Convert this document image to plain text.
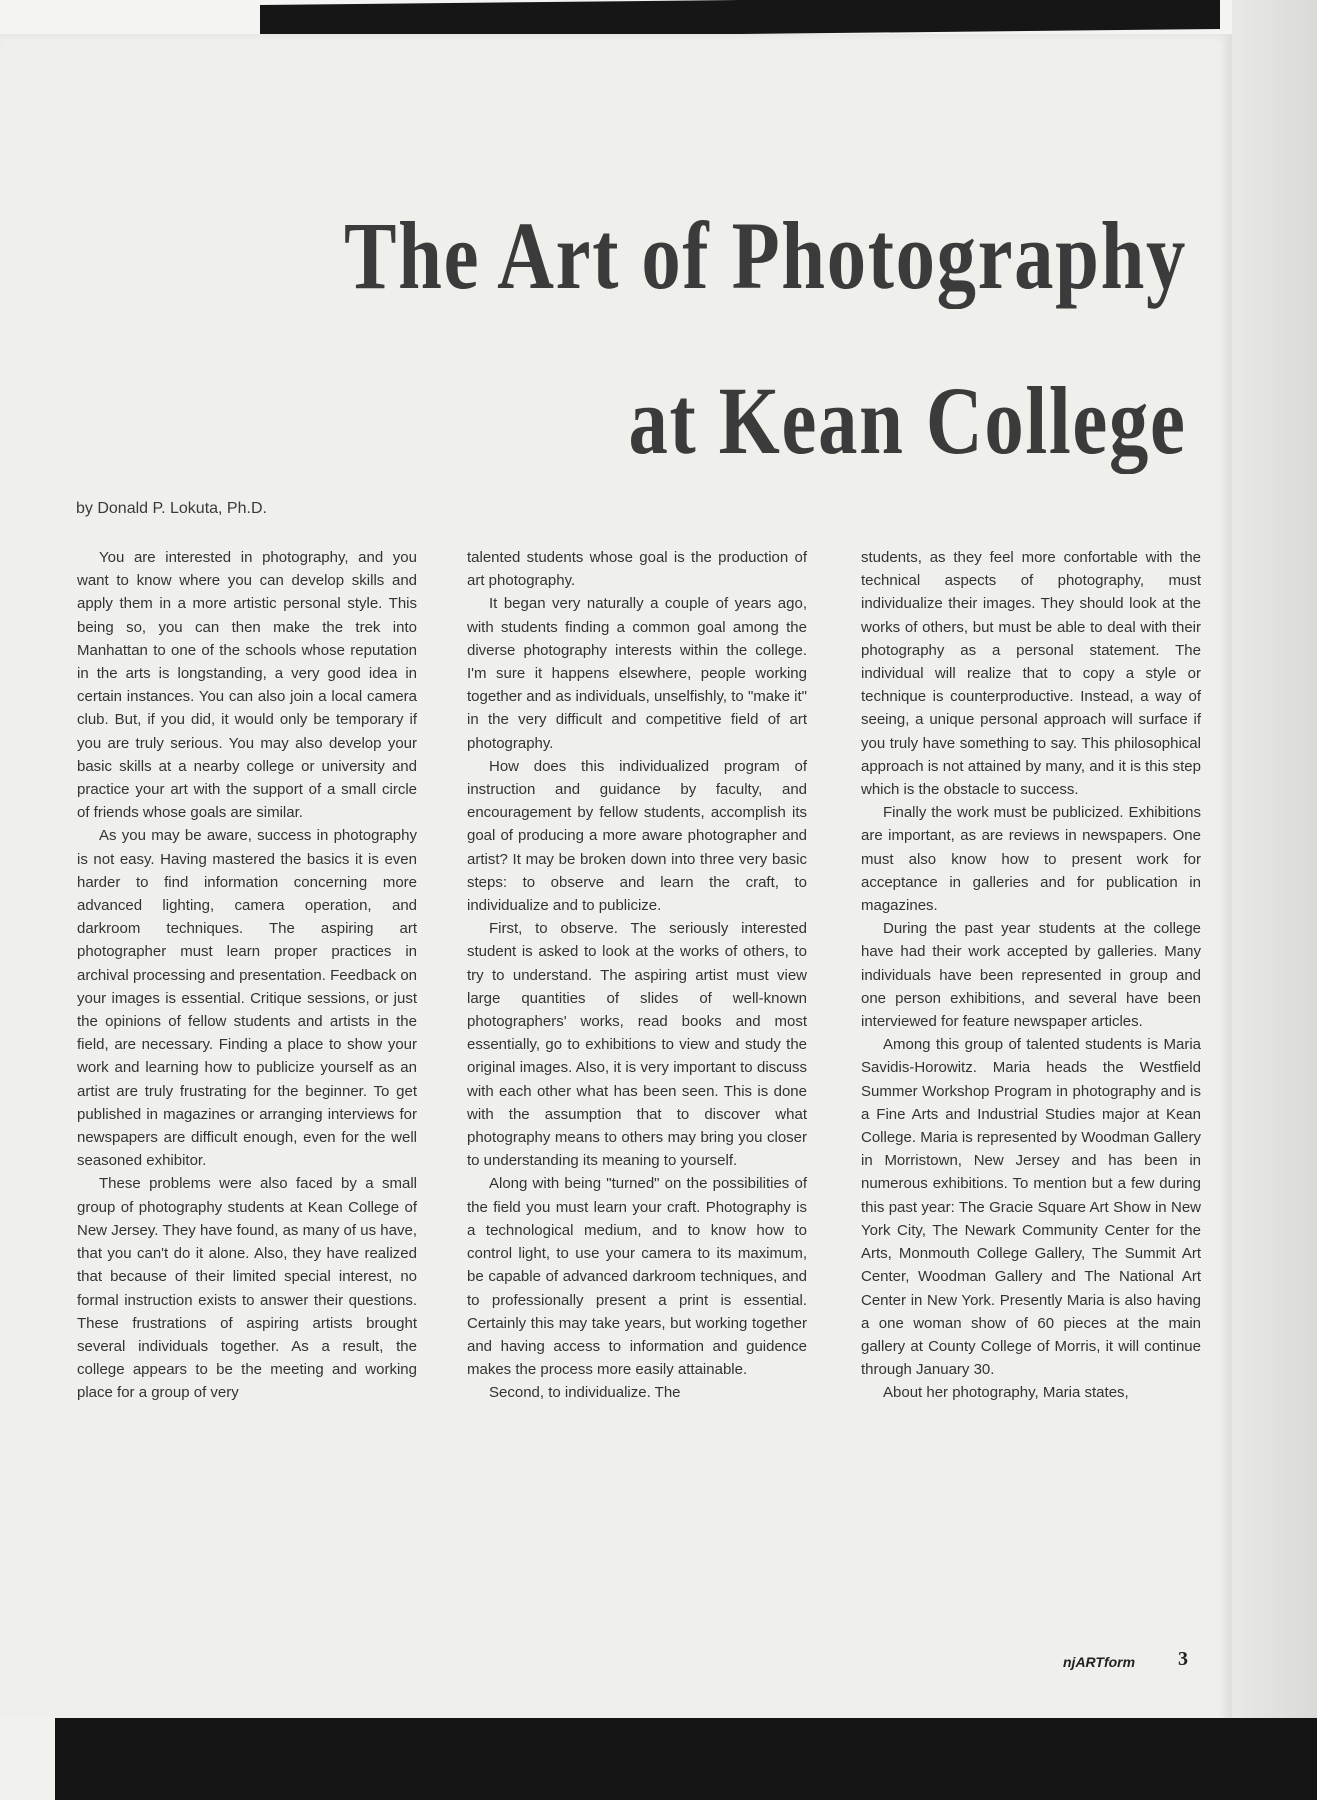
The Art of Photography
at Kean College
by Donald P. Lokuta, Ph.D.

You are interested in photography, and you want to know where you can develop skills and apply them in a more artistic personal style. This being so, you can then make the trek into Manhattan to one of the schools whose reputation in the arts is longstanding, a very good idea in certain instances. You can also join a local camera club. But, if you did, it would only be temporary if you are truly serious. You may also develop your basic skills at a nearby college or university and practice your art with the support of a small circle of friends whose goals are similar.

As you may be aware, success in photography is not easy. Having mastered the basics it is even harder to find information concerning more advanced lighting, camera operation, and darkroom techniques. The aspiring art photographer must learn proper practices in archival processing and presentation. Feedback on your images is essential. Critique sessions, or just the opinions of fellow students and artists in the field, are necessary. Finding a place to show your work and learning how to publicize yourself as an artist are truly frustrating for the beginner. To get published in magazines or arranging interviews for newspapers are difficult enough, even for the well seasoned exhibitor.

These problems were also faced by a small group of photography students at Kean College of New Jersey. They have found, as many of us have, that you can't do it alone. Also, they have realized that because of their limited special interest, no formal instruction exists to answer their questions. These frustrations of aspiring artists brought several individuals together. As a result, the college appears to be the meeting and working place for a group of very

talented students whose goal is the production of art photography.

It began very naturally a couple of years ago, with students finding a common goal among the diverse photography interests within the college. I'm sure it happens elsewhere, people working together and as individuals, unselfishly, to "make it" in the very difficult and competitive field of art photography.

How does this individualized program of instruction and guidance by faculty, and encouragement by fellow students, accomplish its goal of producing a more aware photographer and artist? It may be broken down into three very basic steps: to observe and learn the craft, to individualize and to publicize.

First, to observe. The seriously interested student is asked to look at the works of others, to try to understand. The aspiring artist must view large quantities of slides of well-known photographers' works, read books and most essentially, go to exhibitions to view and study the original images. Also, it is very important to discuss with each other what has been seen. This is done with the assumption that to discover what photography means to others may bring you closer to understanding its meaning to yourself.

Along with being "turned" on the possibilities of the field you must learn your craft. Photography is a technological medium, and to know how to control light, to use your camera to its maximum, be capable of advanced darkroom techniques, and to professionally present a print is essential. Certainly this may take years, but working together and having access to information and guidence makes the process more easily attainable.

Second, to individualize. The

students, as they feel more confortable with the technical aspects of photography, must individualize their images. They should look at the works of others, but must be able to deal with their photography as a personal statement. The individual will realize that to copy a style or technique is counterproductive. Instead, a way of seeing, a unique personal approach will surface if you truly have something to say. This philosophical approach is not attained by many, and it is this step which is the obstacle to success.

Finally the work must be publicized. Exhibitions are important, as are reviews in newspapers. One must also know how to present work for acceptance in galleries and for publication in magazines.

During the past year students at the college have had their work accepted by galleries. Many individuals have been represented in group and one person exhibitions, and several have been interviewed for feature newspaper articles.

Among this group of talented students is Maria Savidis-Horowitz. Maria heads the Westfield Summer Workshop Program in photography and is a Fine Arts and Industrial Studies major at Kean College. Maria is represented by Woodman Gallery in Morristown, New Jersey and has been in numerous exhibitions. To mention but a few during this past year: The Gracie Square Art Show in New York City, The Newark Community Center for the Arts, Monmouth College Gallery, The Summit Art Center, Woodman Gallery and The National Art Center in New York. Presently Maria is also having a one woman show of 60 pieces at the main gallery at County College of Morris, it will continue through January 30.

About her photography, Maria states,

njARTform 3
